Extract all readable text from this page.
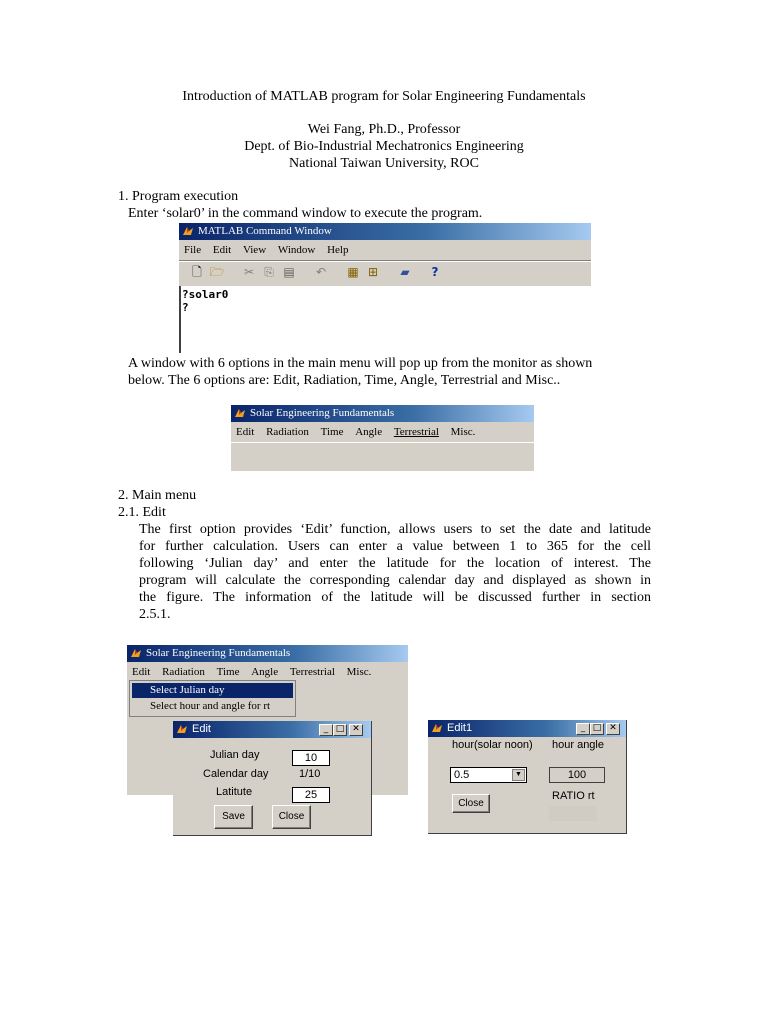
Introduction of MATLAB program for Solar Engineering Fundamentals
Wei Fang, Ph.D., Professor
Dept. of Bio-Industrial Mechatronics Engineering
National Taiwan University, ROC
1. Program execution
Enter ‘solar0’ in the command window to execute the program.
MATLAB Command Window
File Edit View Window Help
🗋 🗁 ✂ ⎘ ▤ ↶ ▦ ⊞ ▰	?
?solar0
?
A window with 6 options in the main menu will pop up from the monitor as shown
below. The 6 options are: Edit, Radiation, Time, Angle, Terrestrial and Misc..
Solar Engineering Fundamentals
Edit Radiation Time Angle Terrestrial Misc.
2. Main menu
2.1. Edit
The first option provides ‘Edit’ function, allows users to set the date and latitude
for further calculation. Users can enter a value between 1 to 365 for the cell
following ‘Julian day’ and enter the latitude for the location of interest. The
program will calculate the corresponding calendar day and displayed as shown in
the figure. The information of the latitude will be discussed further in section
2.5.1.
Solar Engineering Fundamentals
Edit Radiation Time Angle Terrestrial Misc.
Select Julian day
Select hour and angle for rt
Edit	_ □ ✕
Julian day	10
Calendar day	1/10
Latitute	25
Save	Close
Edit1	_ □ ✕
hour(solar noon) hour angle
0.5	▼	100
RATIO rt
Close
